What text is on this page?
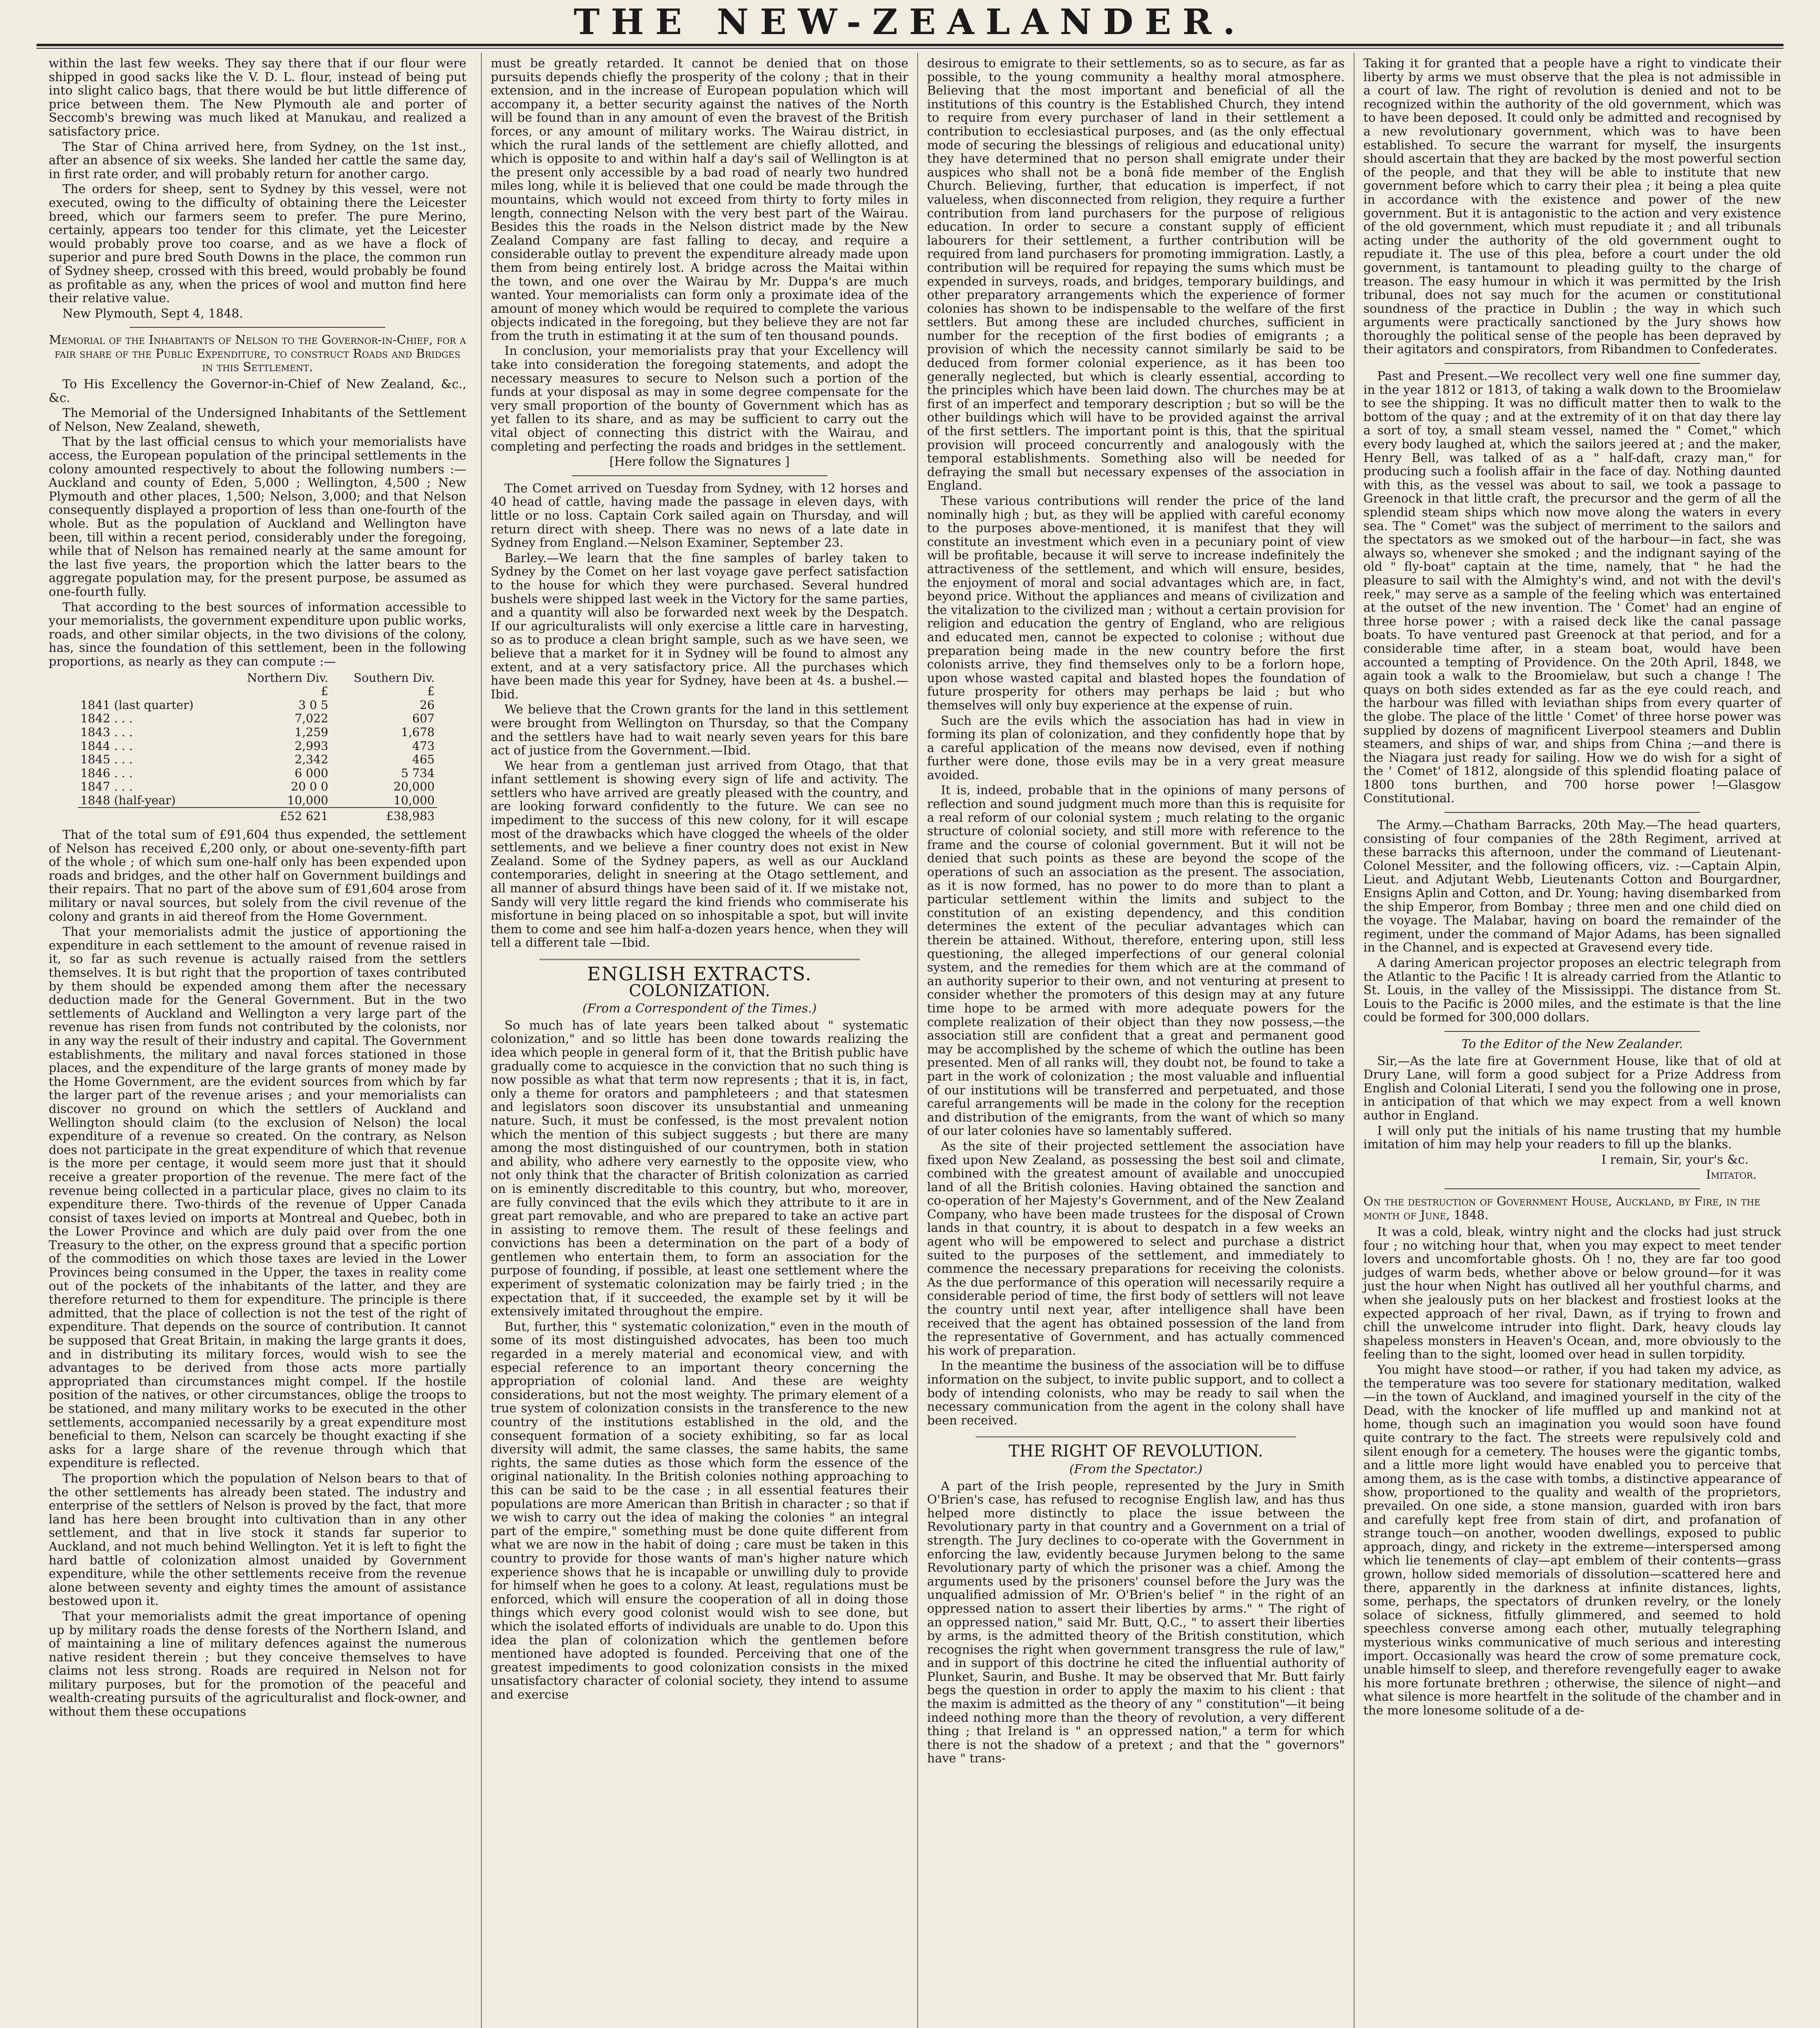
THE NEW-ZEALANDER.

within the last few weeks. They say there that if our flour were shipped in good sacks like the V. D. L. flour, instead of being put into slight calico bags, that there would be but little difference of price between them. The New Plymouth ale and porter of Seccomb's brewing was much liked at Manukau, and realized a satisfactory price.

The Star of China arrived here, from Sydney, on the 1st inst., after an absence of six weeks. She landed her cattle the same day, in first rate order, and will probably return for another cargo.

The orders for sheep, sent to Sydney by this vessel, were not executed, owing to the difficulty of obtaining there the Leicester breed, which our farmers seem to prefer. The pure Merino, certainly, appears too tender for this climate, yet the Leicester would probably prove too coarse, and as we have a flock of superior and pure bred South Downs in the place, the common run of Sydney sheep, crossed with this breed, would probably be found as profitable as any, when the prices of wool and mutton find here their relative value.

New Plymouth, Sept 4, 1848.

Memorial of the Inhabitants of Nelson to the Governor-in-Chief, for a fair share of the Public Expenditure, to construct Roads and Bridges in this Settlement.

To His Excellency the Governor-in-Chief of New Zealand, &c., &c.

The Memorial of the Undersigned Inhabitants of the Settlement of Nelson, New Zealand, sheweth,

That by the last official census to which your memorialists have access, the European population of the principal settlements in the colony amounted respectively to about the following numbers :—Auckland and county of Eden, 5,000 ; Wellington, 4,500 ; New Plymouth and other places, 1,500; Nelson, 3,000; and that Nelson consequently displayed a proportion of less than one-fourth of the whole. But as the population of Auckland and Wellington have been, till within a recent period, considerably under the foregoing, while that of Nelson has remained nearly at the same amount for the last five years, the proportion which the latter bears to the aggregate population may, for the present purpose, be assumed as one-fourth fully.

That according to the best sources of information accessible to your memorialists, the government expenditure upon public works, roads, and other similar objects, in the two divisions of the colony, has, since the foundation of this settlement, been in the following proportions, as nearly as they can compute :—

	Northern Div.	Southern Div.
	£	£
1841 (last quarter)	3 0 5	26
1842 . . .	7,022	607
1843 . . .	1,259	1,678
1844 . . .	2,993	473
1845 . . .	2,342	465
1846 . . .	6 000	5 734
1847 . . .	20 0 0	20,000
1848 (half-year)	10,000	10,000
	£52 621	£38,983

That of the total sum of £91,604 thus expended, the settlement of Nelson has received £,200 only, or about one-seventy-fifth part of the whole ; of which sum one-half only has been expended upon roads and bridges, and the other half on Government buildings and their repairs. That no part of the above sum of £91,604 arose from military or naval sources, but solely from the civil revenue of the colony and grants in aid thereof from the Home Government.

That your memorialists admit the justice of apportioning the expenditure in each settlement to the amount of revenue raised in it, so far as such revenue is actually raised from the settlers themselves. It is but right that the proportion of taxes contributed by them should be expended among them after the necessary deduction made for the General Government. But in the two settlements of Auckland and Wellington a very large part of the revenue has risen from funds not contributed by the colonists, nor in any way the result of their industry and capital. The Government establishments, the military and naval forces stationed in those places, and the expenditure of the large grants of money made by the Home Government, are the evident sources from which by far the larger part of the revenue arises ; and your memorialists can discover no ground on which the settlers of Auckland and Wellington should claim (to the exclusion of Nelson) the local expenditure of a revenue so created. On the contrary, as Nelson does not participate in the great expenditure of which that revenue is the more per centage, it would seem more just that it should receive a greater proportion of the revenue. The mere fact of the revenue being collected in a particular place, gives no claim to its expenditure there. Two-thirds of the revenue of Upper Canada consist of taxes levied on imports at Montreal and Quebec, both in the Lower Province and which are duly paid over from the one Treasury to the other, on the express ground that a specific portion of the commodities on which those taxes are levied in the Lower Provinces being consumed in the Upper, the taxes in reality come out of the pockets of the inhabitants of the latter, and they are therefore returned to them for expenditure. The principle is there admitted, that the place of collection is not the test of the right of expenditure. That depends on the source of contribution. It cannot be supposed that Great Britain, in making the large grants it does, and in distributing its military forces, would wish to see the advantages to be derived from those acts more partially appropriated than circumstances might compel. If the hostile position of the natives, or other circumstances, oblige the troops to be stationed, and many military works to be executed in the other settlements, accompanied necessarily by a great expenditure most beneficial to them, Nelson can scarcely be thought exacting if she asks for a large share of the revenue through which that expenditure is reflected.

The proportion which the population of Nelson bears to that of the other settlements has already been stated. The industry and enterprise of the settlers of Nelson is proved by the fact, that more land has here been brought into cultivation than in any other settlement, and that in live stock it stands far superior to Auckland, and not much behind Wellington. Yet it is left to fight the hard battle of colonization almost unaided by Government expenditure, while the other settlements receive from the revenue alone between seventy and eighty times the amount of assistance bestowed upon it.

That your memorialists admit the great importance of opening up by military roads the dense forests of the Northern Island, and of maintaining a line of military defences against the numerous native resident therein ; but they conceive themselves to have claims not less strong. Roads are required in Nelson not for military purposes, but for the promotion of the peaceful and wealth-creating pursuits of the agriculturalist and flock-owner, and without them these occupations

must be greatly retarded. It cannot be denied that on those pursuits depends chiefly the prosperity of the colony ; that in their extension, and in the increase of European population which will accompany it, a better security against the natives of the North will be found than in any amount of even the bravest of the British forces, or any amount of military works. The Wairau district, in which the rural lands of the settlement are chiefly allotted, and which is opposite to and within half a day's sail of Wellington is at the present only accessible by a bad road of nearly two hundred miles long, while it is believed that one could be made through the mountains, which would not exceed from thirty to forty miles in length, connecting Nelson with the very best part of the Wairau. Besides this the roads in the Nelson district made by the New Zealand Company are fast falling to decay, and require a considerable outlay to prevent the expenditure already made upon them from being entirely lost. A bridge across the Maitai within the town, and one over the Wairau by Mr. Duppa's are much wanted. Your memorialists can form only a proximate idea of the amount of money which would be required to complete the various objects indicated in the foregoing, but they believe they are not far from the truth in estimating it at the sum of ten thousand pounds.

In conclusion, your memorialists pray that your Excellency will take into consideration the foregoing statements, and adopt the necessary measures to secure to Nelson such a portion of the funds at your disposal as may in some degree compensate for the very small proportion of the bounty of Government which has as yet fallen to its share, and as may be sufficient to carry out the vital object of connecting this district with the Wairau, and completing and perfecting the roads and bridges in the settlement.

[Here follow the Signatures ]

The Comet arrived on Tuesday from Sydney, with 12 horses and 40 head of cattle, having made the passage in eleven days, with little or no loss. Captain Cork sailed again on Thursday, and will return direct with sheep. There was no news of a late date in Sydney from England.—Nelson Examiner, September 23.

Barley.—We learn that the fine samples of barley taken to Sydney by the Comet on her last voyage gave perfect satisfaction to the house for which they were purchased. Several hundred bushels were shipped last week in the Victory for the same parties, and a quantity will also be forwarded next week by the Despatch. If our agriculturalists will only exercise a little care in harvesting, so as to produce a clean bright sample, such as we have seen, we believe that a market for it in Sydney will be found to almost any extent, and at a very satisfactory price. All the purchases which have been made this year for Sydney, have been at 4s. a bushel.—Ibid.

We believe that the Crown grants for the land in this settlement were brought from Wellington on Thursday, so that the Company and the settlers have had to wait nearly seven years for this bare act of justice from the Government.—Ibid.

We hear from a gentleman just arrived from Otago, that that infant settlement is showing every sign of life and activity. The settlers who have arrived are greatly pleased with the country, and are looking forward confidently to the future. We can see no impediment to the success of this new colony, for it will escape most of the drawbacks which have clogged the wheels of the older settlements, and we believe a finer country does not exist in New Zealand. Some of the Sydney papers, as well as our Auckland contemporaries, delight in sneering at the Otago settlement, and all manner of absurd things have been said of it. If we mistake not, Sandy will very little regard the kind friends who commiserate his misfortune in being placed on so inhospitable a spot, but will invite them to come and see him half-a-dozen years hence, when they will tell a different tale —Ibid.

ENGLISH EXTRACTS.
COLONIZATION.
(From a Correspondent of the Times.)

So much has of late years been talked about " systematic colonization," and so little has been done towards realizing the idea which people in general form of it, that the British public have gradually come to acquiesce in the conviction that no such thing is now possible as what that term now represents ; that it is, in fact, only a theme for orators and pamphleteers ; and that statesmen and legislators soon discover its unsubstantial and unmeaning nature. Such, it must be confessed, is the most prevalent notion which the mention of this subject suggests ; but there are many among the most distinguished of our countrymen, both in station and ability, who adhere very earnestly to the opposite view, who not only think that the character of British colonization as carried on is eminently discreditable to this country, but who, moreover, are fully convinced that the evils which they attribute to it are in great part removable, and who are prepared to take an active part in assisting to remove them. The result of these feelings and convictions has been a determination on the part of a body of gentlemen who entertain them, to form an association for the purpose of founding, if possible, at least one settlement where the experiment of systematic colonization may be fairly tried ; in the expectation that, if it succeeded, the example set by it will be extensively imitated throughout the empire.

But, further, this " systematic colonization," even in the mouth of some of its most distinguished advocates, has been too much regarded in a merely material and economical view, and with especial reference to an important theory concerning the appropriation of colonial land. And these are weighty considerations, but not the most weighty. The primary element of a true system of colonization consists in the transference to the new country of the institutions established in the old, and the consequent formation of a society exhibiting, so far as local diversity will admit, the same classes, the same habits, the same rights, the same duties as those which form the essence of the original nationality. In the British colonies nothing approaching to this can be said to be the case ; in all essential features their populations are more American than British in character ; so that if we wish to carry out the idea of making the colonies " an integral part of the empire," something must be done quite different from what we are now in the habit of doing ; care must be taken in this country to provide for those wants of man's higher nature which experience shows that he is incapable or unwilling duly to provide for himself when he goes to a colony. At least, regulations must be enforced, which will ensure the cooperation of all in doing those things which every good colonist would wish to see done, but which the isolated efforts of individuals are unable to do. Upon this idea the plan of colonization which the gentlemen before mentioned have adopted is founded. Perceiving that one of the greatest impediments to good colonization consists in the mixed unsatisfactory character of colonial society, they intend to assume and exercise

desirous to emigrate to their settlements, so as to secure, as far as possible, to the young community a healthy moral atmosphere. Believing that the most important and beneficial of all the institutions of this country is the Established Church, they intend to require from every purchaser of land in their settlement a contribution to ecclesiastical purposes, and (as the only effectual mode of securing the blessings of religious and educational unity) they have determined that no person shall emigrate under their auspices who shall not be a bonâ fide member of the English Church. Believing, further, that education is imperfect, if not valueless, when disconnected from religion, they require a further contribution from land purchasers for the purpose of religious education. In order to secure a constant supply of efficient labourers for their settlement, a further contribution will be required from land purchasers for promoting immigration. Lastly, a contribution will be required for repaying the sums which must be expended in surveys, roads, and bridges, temporary buildings, and other preparatory arrangements which the experience of former colonies has shown to be indispensable to the welfare of the first settlers. But among these are included churches, sufficient in number for the reception of the first bodies of emigrants ; a provision of which the necessity cannot similarly be said to be deduced from former colonial experience, as it has been too generally neglected, but which is clearly essential, according to the principles which have been laid down. The churches may be at first of an imperfect and temporary description ; but so will be the other buildings which will have to be provided against the arrival of the first settlers. The important point is this, that the spiritual provision will proceed concurrently and analogously with the temporal establishments. Something also will be needed for defraying the small but necessary expenses of the association in England.

These various contributions will render the price of the land nominally high ; but, as they will be applied with careful economy to the purposes above-mentioned, it is manifest that they will constitute an investment which even in a pecuniary point of view will be profitable, because it will serve to increase indefinitely the attractiveness of the settlement, and which will ensure, besides, the enjoyment of moral and social advantages which are, in fact, beyond price. Without the appliances and means of civilization and the vitalization to the civilized man ; without a certain provision for religion and education the gentry of England, who are religious and educated men, cannot be expected to colonise ; without due preparation being made in the new country before the first colonists arrive, they find themselves only to be a forlorn hope, upon whose wasted capital and blasted hopes the foundation of future prosperity for others may perhaps be laid ; but who themselves will only buy experience at the expense of ruin.

Such are the evils which the association has had in view in forming its plan of colonization, and they confidently hope that by a careful application of the means now devised, even if nothing further were done, those evils may be in a very great measure avoided.

It is, indeed, probable that in the opinions of many persons of reflection and sound judgment much more than this is requisite for a real reform of our colonial system ; much relating to the organic structure of colonial society, and still more with reference to the frame and the course of colonial government. But it will not be denied that such points as these are beyond the scope of the operations of such an association as the present. The association, as it is now formed, has no power to do more than to plant a particular settlement within the limits and subject to the constitution of an existing dependency, and this condition determines the extent of the peculiar advantages which can therein be attained. Without, therefore, entering upon, still less questioning, the alleged imperfections of our general colonial system, and the remedies for them which are at the command of an authority superior to their own, and not venturing at present to consider whether the promoters of this design may at any future time hope to be armed with more adequate powers for the complete realization of their object than they now possess,—the association still are confident that a great and permanent good may be accomplished by the scheme of which the outline has been presented. Men of all ranks will, they doubt not, be found to take a part in the work of colonization ; the most valuable and influential of our institutions will be transferred and perpetuated, and those careful arrangements will be made in the colony for the reception and distribution of the emigrants, from the want of which so many of our later colonies have so lamentably suffered.

As the site of their projected settlement the association have fixed upon New Zealand, as possessing the best soil and climate, combined with the greatest amount of available and unoccupied land of all the British colonies. Having obtained the sanction and co-operation of her Majesty's Government, and of the New Zealand Company, who have been made trustees for the disposal of Crown lands in that country, it is about to despatch in a few weeks an agent who will be empowered to select and purchase a district suited to the purposes of the settlement, and immediately to commence the necessary preparations for receiving the colonists. As the due performance of this operation will necessarily require a considerable period of time, the first body of settlers will not leave the country until next year, after intelligence shall have been received that the agent has obtained possession of the land from the representative of Government, and has actually commenced his work of preparation.

In the meantime the business of the association will be to diffuse information on the subject, to invite public support, and to collect a body of intending colonists, who may be ready to sail when the necessary communication from the agent in the colony shall have been received.

THE RIGHT OF REVOLUTION.
(From the Spectator.)

A part of the Irish people, represented by the Jury in Smith O'Brien's case, has refused to recognise English law, and has thus helped more distinctly to place the issue between the Revolutionary party in that country and a Government on a trial of strength. The Jury declines to co-operate with the Government in enforcing the law, evidently because Jurymen belong to the same Revolutionary party of which the prisoner was a chief. Among the arguments used by the prisoners' counsel before the Jury was the unqualified admission of Mr. O'Brien's belief " in the right of an oppressed nation to assert their liberties by arms." " The right of an oppressed nation," said Mr. Butt, Q.C., " to assert their liberties by arms, is the admitted theory of the British constitution, which recognises the right when government transgress the rule of law," and in support of this doctrine he cited the influential authority of Plunket, Saurin, and Bushe. It may be observed that Mr. Butt fairly begs the question in order to apply the maxim to his client : that the maxim is admitted as the theory of any " constitution"—it being indeed nothing more than the theory of revolution, a very different thing ; that Ireland is " an oppressed nation," a term for which there is not the shadow of a pretext ; and that the " governors" have " trans-

Taking it for granted that a people have a right to vindicate their liberty by arms we must observe that the plea is not admissible in a court of law. The right of revolution is denied and not to be recognized within the authority of the old government, which was to have been deposed. It could only be admitted and recognised by a new revolutionary government, which was to have been established. To secure the warrant for myself, the insurgents should ascertain that they are backed by the most powerful section of the people, and that they will be able to institute that new government before which to carry their plea ; it being a plea quite in accordance with the existence and power of the new government. But it is antagonistic to the action and very existence of the old government, which must repudiate it ; and all tribunals acting under the authority of the old government ought to repudiate it. The use of this plea, before a court under the old government, is tantamount to pleading guilty to the charge of treason. The easy humour in which it was permitted by the Irish tribunal, does not say much for the acumen or constitutional soundness of the practice in Dublin ; the way in which such arguments were practically sanctioned by the Jury shows how thoroughly the political sense of the people has been depraved by their agitators and conspirators, from Ribandmen to Confederates.

Past and Present.—We recollect very well one fine summer day, in the year 1812 or 1813, of taking a walk down to the Broomielaw to see the shipping. It was no difficult matter then to walk to the bottom of the quay ; and at the extremity of it on that day there lay a sort of toy, a small steam vessel, named the " Comet," which every body laughed at, which the sailors jeered at ; and the maker, Henry Bell, was talked of as a " half-daft, crazy man," for producing such a foolish affair in the face of day. Nothing daunted with this, as the vessel was about to sail, we took a passage to Greenock in that little craft, the precursor and the germ of all the splendid steam ships which now move along the waters in every sea. The " Comet" was the subject of merriment to the sailors and the spectators as we smoked out of the harbour—in fact, she was always so, whenever she smoked ; and the indignant saying of the old " fly-boat" captain at the time, namely, that " he had the pleasure to sail with the Almighty's wind, and not with the devil's reek," may serve as a sample of the feeling which was entertained at the outset of the new invention. The ' Comet' had an engine of three horse power ; with a raised deck like the canal passage boats. To have ventured past Greenock at that period, and for a considerable time after, in a steam boat, would have been accounted a tempting of Providence. On the 20th April, 1848, we again took a walk to the Broomielaw, but such a change ! The quays on both sides extended as far as the eye could reach, and the harbour was filled with leviathan ships from every quarter of the globe. The place of the little ' Comet' of three horse power was supplied by dozens of magnificent Liverpool steamers and Dublin steamers, and ships of war, and ships from China ;—and there is the Niagara just ready for sailing. How we do wish for a sight of the ' Comet' of 1812, alongside of this splendid floating palace of 1800 tons burthen, and 700 horse power !—Glasgow Constitutional.

The Army.—Chatham Barracks, 20th May.—The head quarters, consisting of four companies of the 28th Regiment, arrived at these barracks this afternoon, under the command of Lieutenant-Colonel Messiter, and the following officers, viz. :—Captain Alpin, Lieut. and Adjutant Webb, Lieutenants Cotton and Bourgardner, Ensigns Aplin and Cotton, and Dr. Young; having disembarked from the ship Emperor, from Bombay ; three men and one child died on the voyage. The Malabar, having on board the remainder of the regiment, under the command of Major Adams, has been signalled in the Channel, and is expected at Gravesend every tide.

A daring American projector proposes an electric telegraph from the Atlantic to the Pacific ! It is already carried from the Atlantic to St. Louis, in the valley of the Mississippi. The distance from St. Louis to the Pacific is 2000 miles, and the estimate is that the line could be formed for 300,000 dollars.

To the Editor of the New Zealander.

Sir,—As the late fire at Government House, like that of old at Drury Lane, will form a good subject for a Prize Address from English and Colonial Literati, I send you the following one in prose, in anticipation of that which we may expect from a well known author in England.

I will only put the initials of his name trusting that my humble imitation of him may help your readers to fill up the blanks.

I remain, Sir, your's &c.

Imitator.

On the destruction of Government House, Auckland, by Fire, in the month of June, 1848.

It was a cold, bleak, wintry night and the clocks had just struck four ; no witching hour that, when you may expect to meet tender lovers and uncomfortable ghosts. Oh ! no, they are far too good judges of warm beds, whether above or below ground—for it was just the hour when Night has outlived all her youthful charms, and when she jealously puts on her blackest and frostiest looks at the expected approach of her rival, Dawn, as if trying to frown and chill the unwelcome intruder into flight. Dark, heavy clouds lay shapeless monsters in Heaven's Ocean, and, more obviously to the feeling than to the sight, loomed over head in sullen torpidity.

You might have stood—or rather, if you had taken my advice, as the temperature was too severe for stationary meditation, walked—in the town of Auckland, and imagined yourself in the city of the Dead, with the knocker of life muffled up and mankind not at home, though such an imagination you would soon have found quite contrary to the fact. The streets were repulsively cold and silent enough for a cemetery. The houses were the gigantic tombs, and a little more light would have enabled you to perceive that among them, as is the case with tombs, a distinctive appearance of show, proportioned to the quality and wealth of the proprietors, prevailed. On one side, a stone mansion, guarded with iron bars and carefully kept free from stain of dirt, and profanation of strange touch—on another, wooden dwellings, exposed to public approach, dingy, and rickety in the extreme—interspersed among which lie tenements of clay—apt emblem of their contents—grass grown, hollow sided memorials of dissolution—scattered here and there, apparently in the darkness at infinite distances, lights, some, perhaps, the spectators of drunken revelry, or the lonely solace of sickness, fitfully glimmered, and seemed to hold speechless converse among each other, mutually telegraphing mysterious winks communicative of much serious and interesting import. Occasionally was heard the crow of some premature cock, unable himself to sleep, and therefore revengefully eager to awake his more fortunate brethren ; otherwise, the silence of night—and what silence is more heartfelt in the solitude of the chamber and in the more lonesome solitude of a de-
